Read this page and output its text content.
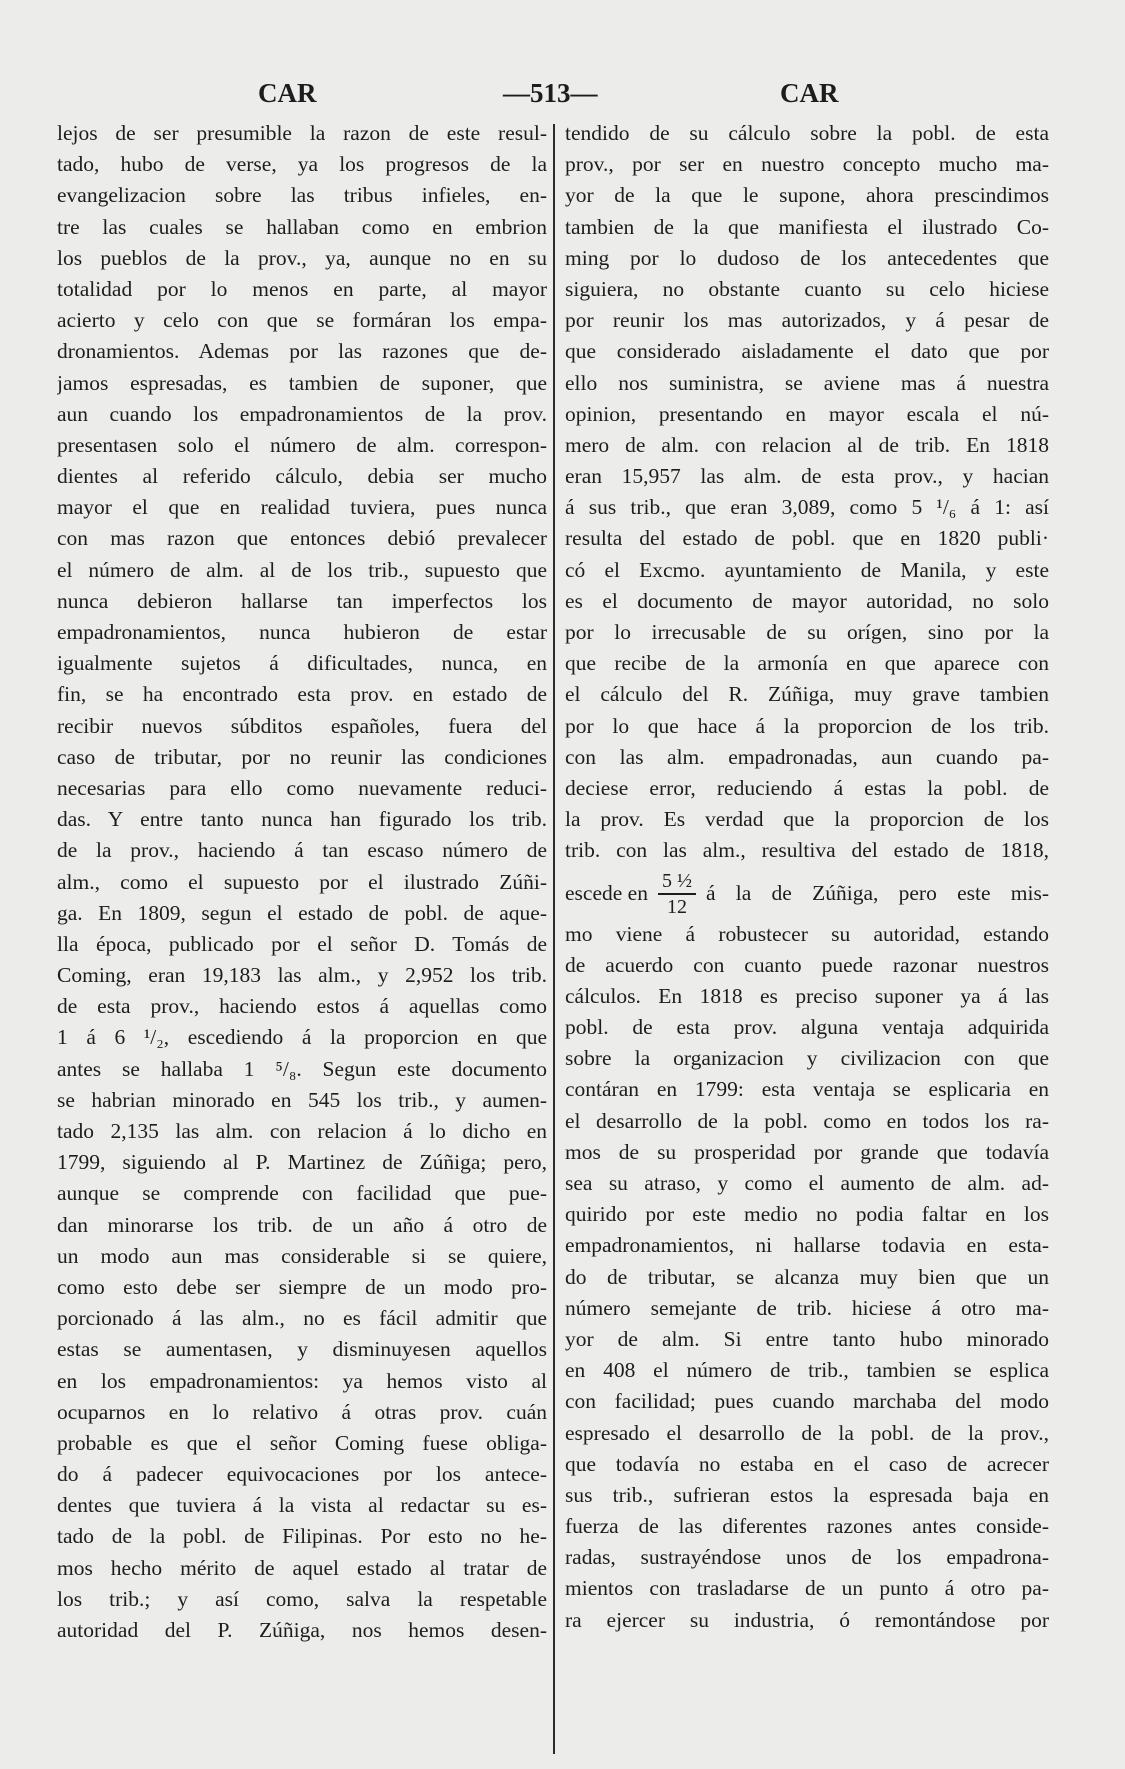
CAR	—513—	CAR
lejos de ser presumible la razon de este resul-
tado, hubo de verse, ya los progresos de la
evangelizacion sobre las tribus infieles, en-
tre las cuales se hallaban como en embrion
los pueblos de la prov., ya, aunque no en su
totalidad por lo menos en parte, al mayor
acierto y celo con que se formáran los empa-
dronamientos. Ademas por las razones que de-
jamos espresadas, es tambien de suponer, que
aun cuando los empadronamientos de la prov.
presentasen solo el número de alm. correspon-
dientes al referido cálculo, debia ser mucho
mayor el que en realidad tuviera, pues nunca
con mas razon que entonces debió prevalecer
el número de alm. al de los trib., supuesto que
nunca debieron hallarse tan imperfectos los
empadronamientos, nunca hubieron de estar
igualmente sujetos á dificultades, nunca, en
fin, se ha encontrado esta prov. en estado de
recibir nuevos súbditos españoles, fuera del
caso de tributar, por no reunir las condiciones
necesarias para ello como nuevamente reduci-
das. Y entre tanto nunca han figurado los trib.
de la prov., haciendo á tan escaso número de
alm., como el supuesto por el ilustrado Zúñi-
ga. En 1809, segun el estado de pobl. de aque-
lla época, publicado por el señor D. Tomás de
Coming, eran 19,183 las alm., y 2,952 los trib.
de esta prov., haciendo estos á aquellas como
1 á 6 ¹/₂, escediendo á la proporcion en que
antes se hallaba 1 ⁵/₈. Segun este documento
se habrian minorado en 545 los trib., y aumen-
tado 2,135 las alm. con relacion á lo dicho en
1799, siguiendo al P. Martinez de Zúñiga; pero,
aunque se comprende con facilidad que pue-
dan minorarse los trib. de un año á otro de
un modo aun mas considerable si se quiere,
como esto debe ser siempre de un modo pro-
porcionado á las alm., no es fácil admitir que
estas se aumentasen, y disminuyesen aquellos
en los empadronamientos: ya hemos visto al
ocuparnos en lo relativo á otras prov. cuán
probable es que el señor Coming fuese obliga-
do á padecer equivocaciones por los antece-
dentes que tuviera á la vista al redactar su es-
tado de la pobl. de Filipinas. Por esto no he-
mos hecho mérito de aquel estado al tratar de
los trib.; y así como, salva la respetable
autoridad del P. Zúñiga, nos hemos desen-
tendido de su cálculo sobre la pobl. de esta
prov., por ser en nuestro concepto mucho ma-
yor de la que le supone, ahora prescindimos
tambien de la que manifiesta el ilustrado Co-
ming por lo dudoso de los antecedentes que
siguiera, no obstante cuanto su celo hiciese
por reunir los mas autorizados, y á pesar de
que considerado aisladamente el dato que por
ello nos suministra, se aviene mas á nuestra
opinion, presentando en mayor escala el nú-
mero de alm. con relacion al de trib. En 1818
eran 15,957 las alm. de esta prov., y hacian
á sus trib., que eran 3,089, como 5 ¹/₆ á 1: así
resulta del estado de pobl. que en 1820 publi·
có el Excmo. ayuntamiento de Manila, y este
es el documento de mayor autoridad, no solo
por lo irrecusable de su orígen, sino por la
que recibe de la armonía en que aparece con
el cálculo del R. Zúñiga, muy grave tambien
por lo que hace á la proporcion de los trib.
con las alm. empadronadas, aun cuando pa-
deciese error, reduciendo á estas la pobl. de
la prov. Es verdad que la proporcion de los
trib. con las alm., resultiva del estado de 1818,
escede en $\frac{\text{5 ½}}{12}$ á la de Zúñiga, pero este mis-
mo viene á robustecer su autoridad, estando
de acuerdo con cuanto puede razonar nuestros
cálculos. En 1818 es preciso suponer ya á las
pobl. de esta prov. alguna ventaja adquirida
sobre la organizacion y civilizacion con que
contáran en 1799: esta ventaja se esplicaria en
el desarrollo de la pobl. como en todos los ra-
mos de su prosperidad por grande que todavía
sea su atraso, y como el aumento de alm. ad-
quirido por este medio no podia faltar en los
empadronamientos, ni hallarse todavia en esta-
do de tributar, se alcanza muy bien que un
número semejante de trib. hiciese á otro ma-
yor de alm. Si entre tanto hubo minorado
en 408 el número de trib., tambien se esplica
con facilidad; pues cuando marchaba del modo
espresado el desarrollo de la pobl. de la prov.,
que todavía no estaba en el caso de acrecer
sus trib., sufrieran estos la espresada baja en
fuerza de las diferentes razones antes conside-
radas, sustrayéndose unos de los empadrona-
mientos con trasladarse de un punto á otro pa-
ra ejercer su industria, ó remontándose por
